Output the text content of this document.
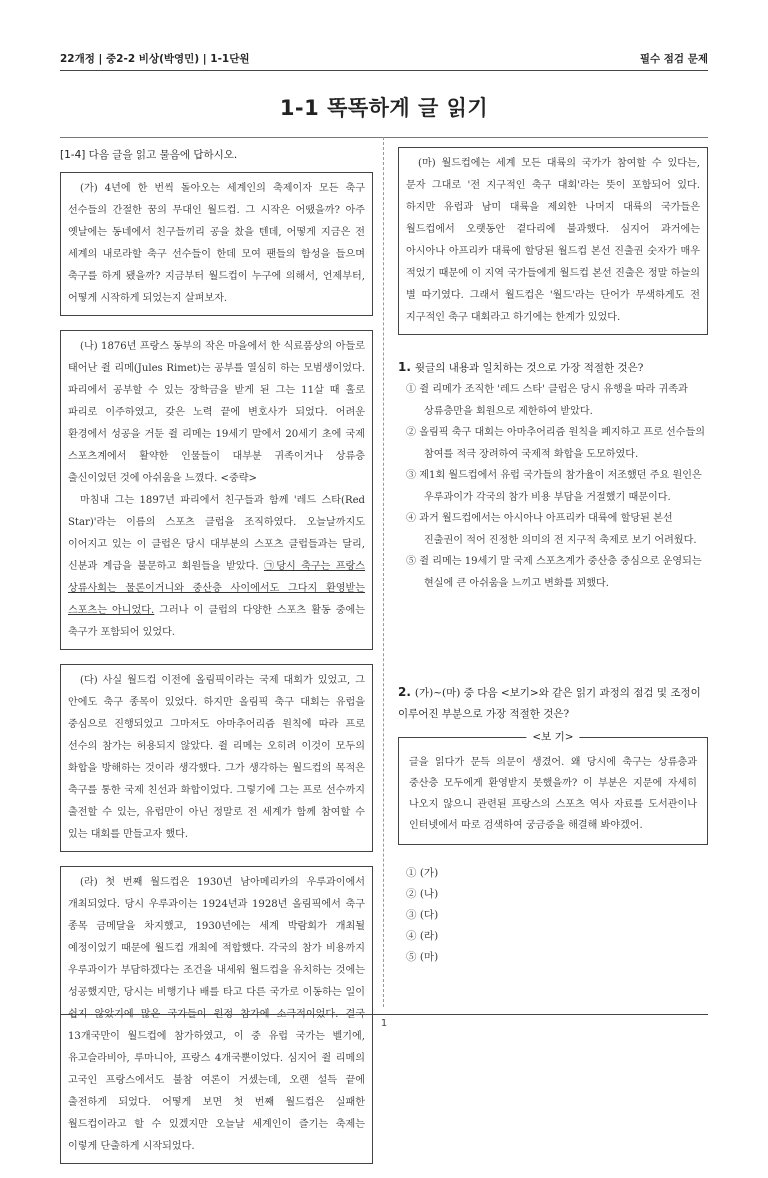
22개정 | 중2-2 비상(박영민) | 1-1단원	필수 점검 문제
1-1 똑똑하게 글 읽기
[1-4] 다음 글을 읽고 물음에 답하시오.

(가) 4년에 한 번씩 돌아오는 세계인의 축제이자 모든 축구 선수들의 간절한 꿈의 무대인 월드컵. 그 시작은 어땠을까? 아주 옛날에는 동네에서 친구들끼리 공을 찼을 텐데, 어떻게 지금은 전 세계의 내로라할 축구 선수들이 한데 모여 팬들의 함성을 들으며 축구를 하게 됐을까? 지금부터 월드컵이 누구에 의해서, 언제부터, 어떻게 시작하게 되었는지 살펴보자.

(나) 1876년 프랑스 동부의 작은 마을에서 한 식료품상의 아들로 태어난 쥘 리메(Jules Rimet)는 공부를 열심히 하는 모범생이었다. 파리에서 공부할 수 있는 장학금을 받게 된 그는 11살 때 홀로 파리로 이주하였고, 갖은 노력 끝에 변호사가 되었다. 어려운 환경에서 성공을 거둔 쥘 리메는 19세기 말에서 20세기 초에 국제 스포츠계에서 활약한 인물들이 대부분 귀족이거나 상류층 출신이었던 것에 아쉬움을 느꼈다. <중략>

마침내 그는 1897년 파리에서 친구들과 함께 '레드 스타(Red Star)'라는 이름의 스포츠 클럽을 조직하였다. 오늘날까지도 이어지고 있는 이 클럽은 당시 대부분의 스포츠 클럽들과는 달리, 신분과 계급을 불문하고 회원들을 받았다. ㉠당시 축구는 프랑스 상류사회는 물론이거니와 중산층 사이에서도 그다지 환영받는 스포츠는 아니었다. 그러나 이 클럽의 다양한 스포츠 활동 중에는 축구가 포함되어 있었다.

(다) 사실 월드컵 이전에 올림픽이라는 국제 대회가 있었고, 그 안에도 축구 종목이 있었다. 하지만 올림픽 축구 대회는 유럽을 중심으로 진행되었고 그마저도 아마추어리즘 원칙에 따라 프로 선수의 참가는 허용되지 않았다. 쥘 리메는 오히려 이것이 모두의 화합을 방해하는 것이라 생각했다. 그가 생각하는 월드컵의 목적은 축구를 통한 국제 친선과 화합이었다. 그렇기에 그는 프로 선수까지 출전할 수 있는, 유럽만이 아닌 정말로 전 세계가 함께 참여할 수 있는 대회를 만들고자 했다.

(라) 첫 번째 월드컵은 1930년 남아메리카의 우루과이에서 개최되었다. 당시 우루과이는 1924년과 1928년 올림픽에서 축구 종목 금메달을 차지했고, 1930년에는 세계 박람회가 개최될 예정이었기 때문에 월드컵 개최에 적합했다. 각국의 참가 비용까지 우루과이가 부담하겠다는 조건을 내세워 월드컵을 유치하는 것에는 성공했지만, 당시는 비행기나 배를 타고 다른 국가로 이동하는 일이 쉽지 않았기에 많은 국가들이 원정 참가에 소극적이었다. 결국 13개국만이 월드컵에 참가하였고, 이 중 유럽 국가는 벨기에, 유고슬라비아, 루마니아, 프랑스 4개국뿐이었다. 심지어 쥘 리메의 고국인 프랑스에서도 불참 여론이 거셌는데, 오랜 설득 끝에 출전하게 되었다. 어떻게 보면 첫 번째 월드컵은 실패한 월드컵이라고 할 수 있겠지만 오늘날 세계인이 즐기는 축제는 이렇게 단출하게 시작되었다.

(마) 월드컵에는 세계 모든 대륙의 국가가 참여할 수 있다는, 문자 그대로 '전 지구적인 축구 대회'라는 뜻이 포함되어 있다. 하지만 유럽과 남미 대륙을 제외한 나머지 대륙의 국가들은 월드컵에서 오랫동안 곁다리에 불과했다. 심지어 과거에는 아시아나 아프리카 대륙에 할당된 월드컵 본선 진출권 숫자가 매우 적었기 때문에 이 지역 국가들에게 월드컵 본선 진출은 정말 하늘의 별 따기였다. 그래서 월드컵은 '월드'라는 단어가 무색하게도 전 지구적인 축구 대회라고 하기에는 한계가 있었다.

1. 윗글의 내용과 일치하는 것으로 가장 적절한 것은?

① 쥘 리메가 조직한 '레드 스타' 클럽은 당시 유행을 따라 귀족과 상류층만을 회원으로 제한하여 받았다.

② 올림픽 축구 대회는 아마추어리즘 원칙을 폐지하고 프로 선수들의 참여를 적극 장려하여 국제적 화합을 도모하였다.

③ 제1회 월드컵에서 유럽 국가들의 참가율이 저조했던 주요 원인은 우루과이가 각국의 참가 비용 부담을 거절했기 때문이다.

④ 과거 월드컵에서는 아시아나 아프리카 대륙에 할당된 본선 진출권이 적어 진정한 의미의 전 지구적 축제로 보기 어려웠다.

⑤ 쥘 리메는 19세기 말 국제 스포츠계가 중산층 중심으로 운영되는 현실에 큰 아쉬움을 느끼고 변화를 꾀했다.

2. (가)~(마) 중 다음 <보기>와 같은 읽기 과정의 점검 및 조정이 이루어진 부분으로 가장 적절한 것은?

<보 기>

글을 읽다가 문득 의문이 생겼어. 왜 당시에 축구는 상류층과 중산층 모두에게 환영받지 못했을까? 이 부분은 지문에 자세히 나오지 않으니 관련된 프랑스의 스포츠 역사 자료를 도서관이나 인터넷에서 따로 검색하여 궁금증을 해결해 봐야겠어.

① (가)

② (나)

③ (다)

④ (라)

⑤ (마)

1
